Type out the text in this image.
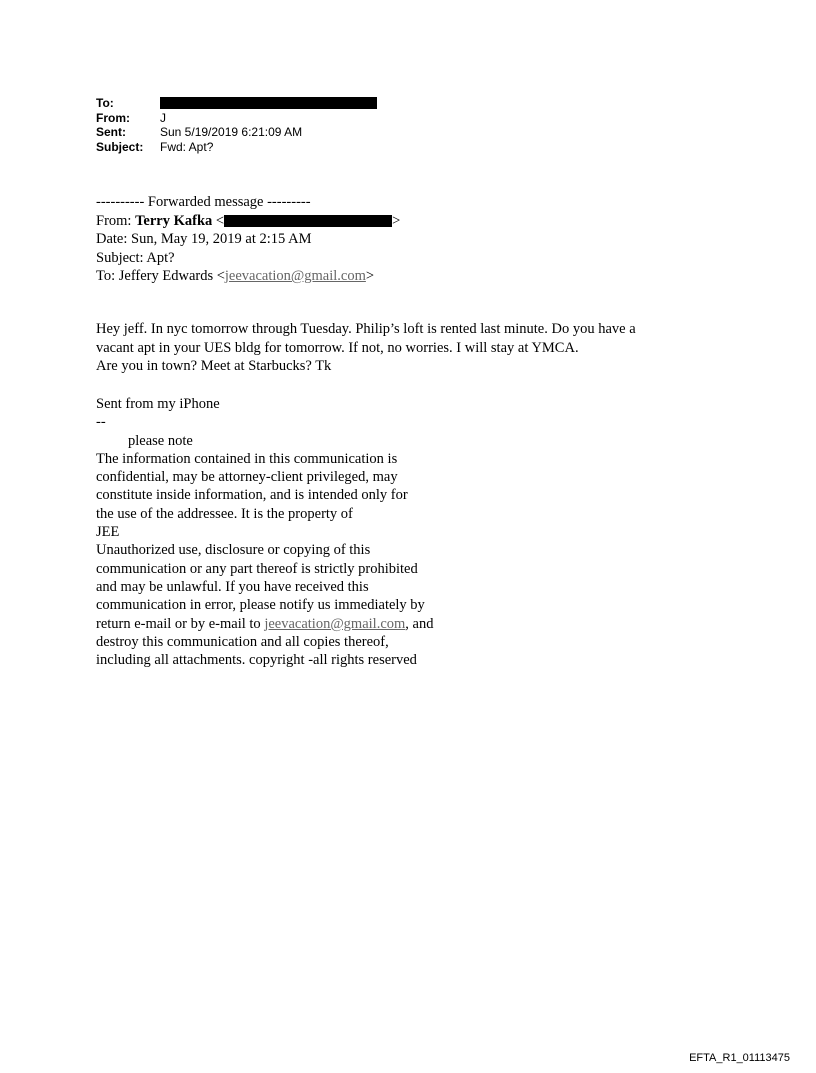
To:
From:	J
Sent:	Sun 5/19/2019 6:21:09 AM
Subject:	Fwd: Apt?
---------- Forwarded message ---------
From: Terry Kafka <	>
Date: Sun, May 19, 2019 at 2:15 AM
Subject: Apt?
To: Jeffery Edwards <jeevacation@gmail.com>
Hey jeff. In nyc tomorrow through Tuesday. Philip’s loft is rented last minute. Do you have a
vacant apt in your UES bldg for tomorrow. If not, no worries. I will stay at YMCA.
Are you in town? Meet at Starbucks? Tk
Sent from my iPhone
--
please note
The information contained in this communication is
confidential, may be attorney-client privileged, may
constitute inside information, and is intended only for
the use of the addressee. It is the property of
JEE
Unauthorized use, disclosure or copying of this
communication or any part thereof is strictly prohibited
and may be unlawful. If you have received this
communication in error, please notify us immediately by
return e-mail or by e-mail to jeevacation@gmail.com, and
destroy this communication and all copies thereof,
including all attachments. copyright -all rights reserved
EFTA_R1_01113475
